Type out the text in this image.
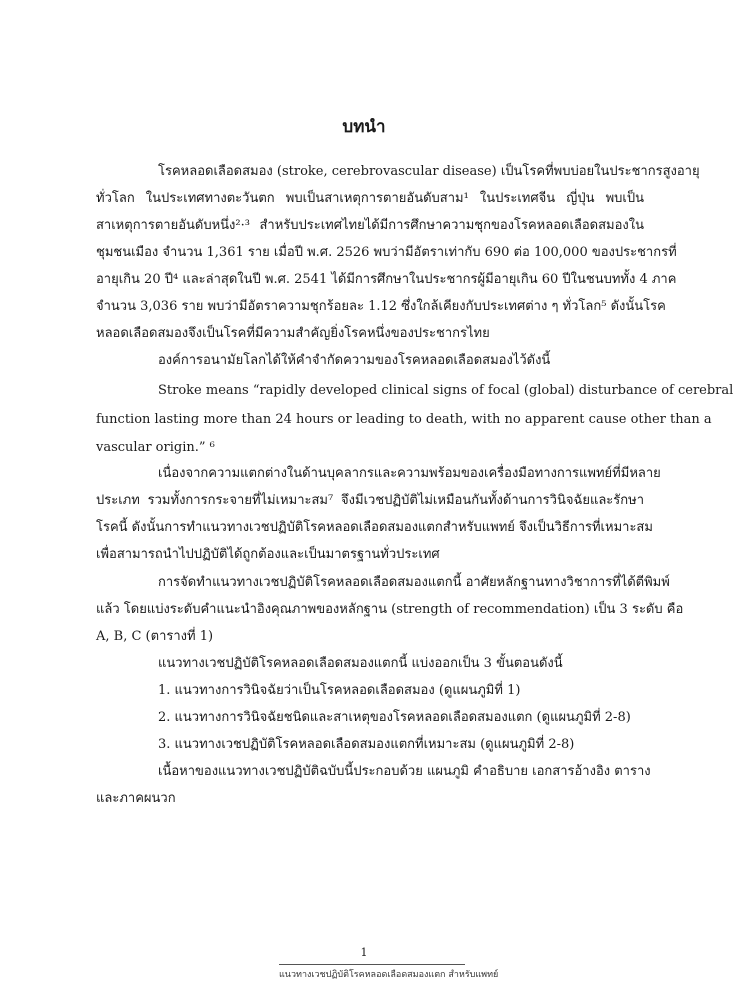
บทนำ
โรคหลอดเลือดสมอง (stroke, cerebrovascular disease) เป็นโรคที่พบบ่อยในประชากรสูงอายุ
ทั่วโลก ในประเทศทางตะวันตก พบเป็นสาเหตุการตายอันดับสาม¹ ในประเทศจีน ญี่ปุ่น พบเป็น
สาเหตุการตายอันดับหนึ่ง²·³ สำหรับประเทศไทยได้มีการศึกษาความชุกของโรคหลอดเลือดสมองใน
ชุมชนเมือง จำนวน 1,361 ราย เมื่อปี พ.ศ. 2526 พบว่ามีอัตราเท่ากับ 690 ต่อ 100,000 ของประชากรที่
อายุเกิน 20 ปี⁴ และล่าสุดในปี พ.ศ. 2541 ได้มีการศึกษาในประชากรผู้มีอายุเกิน 60 ปีในชนบททั้ง 4 ภาค
จำนวน 3,036 ราย พบว่ามีอัตราความชุกร้อยละ 1.12 ซึ่งใกล้เคียงกับประเทศต่าง ๆ ทั่วโลก⁵ ดังนั้นโรค
หลอดเลือดสมองจึงเป็นโรคที่มีความสำคัญยิ่งโรคหนึ่งของประชากรไทย
องค์การอนามัยโลกได้ให้คำจำกัดความของโรคหลอดเลือดสมองไว้ดังนี้
Stroke means “rapidly developed clinical signs of focal (global) disturbance of cerebral
function lasting more than 24 hours or leading to death, with no apparent cause other than a
vascular origin.” ⁶
เนื่องจากความแตกต่างในด้านบุคลากรและความพร้อมของเครื่องมือทางการแพทย์ที่มีหลาย
ประเภท รวมทั้งการกระจายที่ไม่เหมาะสม⁷ จึงมีเวชปฏิบัติไม่เหมือนกันทั้งด้านการวินิจฉัยและรักษา
โรคนี้ ดังนั้นการทำแนวทางเวชปฏิบัติโรคหลอดเลือดสมองแตกสำหรับแพทย์ จึงเป็นวิธีการที่เหมาะสม
เพื่อสามารถนำไปปฏิบัติได้ถูกต้องและเป็นมาตรฐานทั่วประเทศ
การจัดทำแนวทางเวชปฏิบัติโรคหลอดเลือดสมองแตกนี้ อาศัยหลักฐานทางวิชาการที่ได้ตีพิมพ์
แล้ว โดยแบ่งระดับคำแนะนำอิงคุณภาพของหลักฐาน (strength of recommendation) เป็น 3 ระดับ คือ
A, B, C (ตารางที่ 1)
แนวทางเวชปฏิบัติโรคหลอดเลือดสมองแตกนี้ แบ่งออกเป็น 3 ขั้นตอนดังนี้
1. แนวทางการวินิจฉัยว่าเป็นโรคหลอดเลือดสมอง (ดูแผนภูมิที่ 1)
2. แนวทางการวินิจฉัยชนิดและสาเหตุของโรคหลอดเลือดสมองแตก (ดูแผนภูมิที่ 2-8)
3. แนวทางเวชปฏิบัติโรคหลอดเลือดสมองแตกที่เหมาะสม (ดูแผนภูมิที่ 2-8)
เนื้อหาของแนวทางเวชปฏิบัติฉบับนี้ประกอบด้วย แผนภูมิ คำอธิบาย เอกสารอ้างอิง ตาราง
และภาคผนวก
1
แนวทางเวชปฏิบัติโรคหลอดเลือดสมองแตก สำหรับแพทย์
